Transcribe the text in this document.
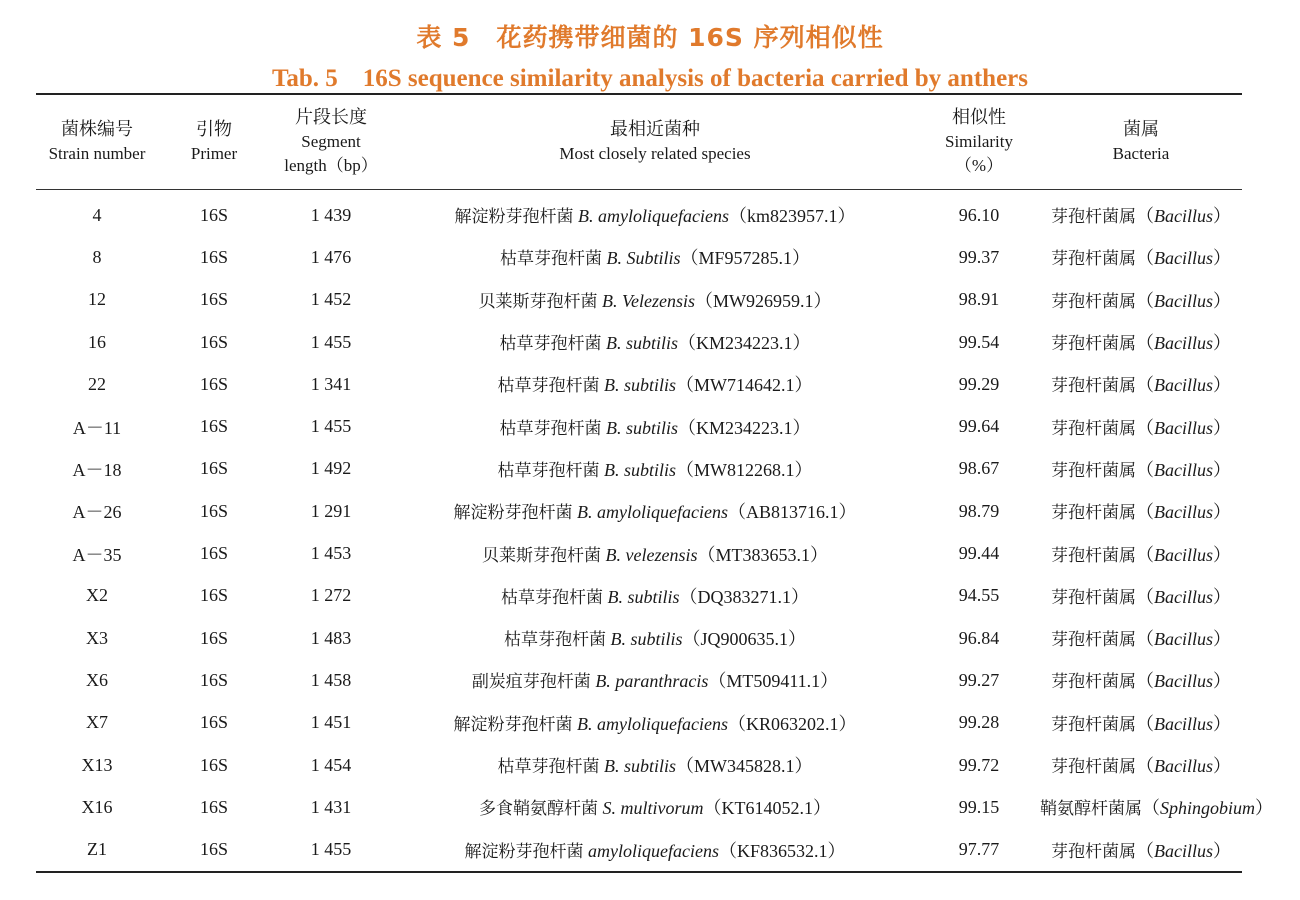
表 5　花药携带细菌的 16S 序列相似性
Tab. 5　16S sequence similarity analysis of bacteria carried by anthers
菌株编号
Strain number	引物
Primer	片段长度
Segment
length（bp）	最相近菌种
Most closely related species	相似性
Similarity
（%）	菌属
Bacteria

4	16S	1 439	解淀粉芽孢杆菌 B. amyloliquefaciens（km823957.1）	96.10	芽孢杆菌属（Bacillus）
8	16S	1 476	枯草芽孢杆菌 B. Subtilis（MF957285.1）	99.37	芽孢杆菌属（Bacillus）
12	16S	1 452	贝莱斯芽孢杆菌 B. Velezensis（MW926959.1）	98.91	芽孢杆菌属（Bacillus）
16	16S	1 455	枯草芽孢杆菌 B. subtilis（KM234223.1）	99.54	芽孢杆菌属（Bacillus）
22	16S	1 341	枯草芽孢杆菌 B. subtilis（MW714642.1）	99.29	芽孢杆菌属（Bacillus）
A－11	16S	1 455	枯草芽孢杆菌 B. subtilis（KM234223.1）	99.64	芽孢杆菌属（Bacillus）
A－18	16S	1 492	枯草芽孢杆菌 B. subtilis（MW812268.1）	98.67	芽孢杆菌属（Bacillus）
A－26	16S	1 291	解淀粉芽孢杆菌 B. amyloliquefaciens（AB813716.1）	98.79	芽孢杆菌属（Bacillus）
A－35	16S	1 453	贝莱斯芽孢杆菌 B. velezensis（MT383653.1）	99.44	芽孢杆菌属（Bacillus）
X2	16S	1 272	枯草芽孢杆菌 B. subtilis（DQ383271.1）	94.55	芽孢杆菌属（Bacillus）
X3	16S	1 483	枯草芽孢杆菌 B. subtilis（JQ900635.1）	96.84	芽孢杆菌属（Bacillus）
X6	16S	1 458	副炭疽芽孢杆菌 B. paranthracis（MT509411.1）	99.27	芽孢杆菌属（Bacillus）
X7	16S	1 451	解淀粉芽孢杆菌 B. amyloliquefaciens（KR063202.1）	99.28	芽孢杆菌属（Bacillus）
X13	16S	1 454	枯草芽孢杆菌 B. subtilis（MW345828.1）	99.72	芽孢杆菌属（Bacillus）
X16	16S	1 431	多食鞘氨醇杆菌 S. multivorum（KT614052.1）	99.15	鞘氨醇杆菌属（Sphingobium）
Z1	16S	1 455	解淀粉芽孢杆菌 amyloliquefaciens（KF836532.1）	97.77	芽孢杆菌属（Bacillus）
